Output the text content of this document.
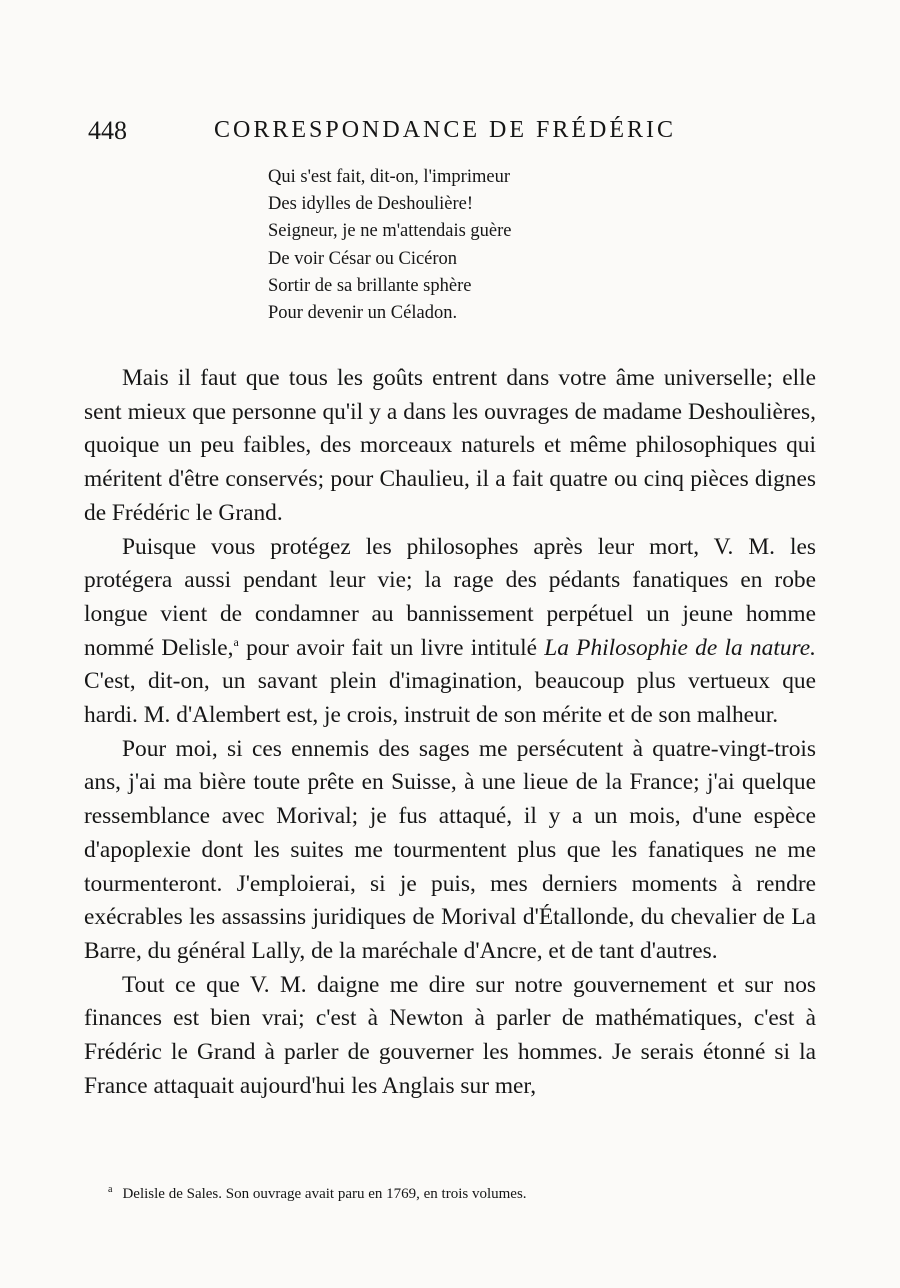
448	CORRESPONDANCE DE FRÉDÉRIC
Qui s'est fait, dit-on, l'imprimeur
Des idylles de Deshoulière!
Seigneur, je ne m'attendais guère
De voir César ou Cicéron
Sortir de sa brillante sphère
Pour devenir un Céladon.

Mais il faut que tous les goûts entrent dans votre âme universelle; elle sent mieux que personne qu'il y a dans les ouvrages de madame Deshoulières, quoique un peu faibles, des morceaux naturels et même philosophiques qui méritent d'être conservés; pour Chaulieu, il a fait quatre ou cinq pièces dignes de Frédéric le Grand.

Puisque vous protégez les philosophes après leur mort, V. M. les protégera aussi pendant leur vie; la rage des pédants fanatiques en robe longue vient de condamner au bannissement perpétuel un jeune homme nommé Delisle,$^a$ pour avoir fait un livre intitulé La Philosophie de la nature. C'est, dit-on, un savant plein d'imagination, beaucoup plus vertueux que hardi. M. d'Alembert est, je crois, instruit de son mérite et de son malheur.

Pour moi, si ces ennemis des sages me persécutent à quatre-vingt-trois ans, j'ai ma bière toute prête en Suisse, à une lieue de la France; j'ai quelque ressemblance avec Morival; je fus attaqué, il y a un mois, d'une espèce d'apoplexie dont les suites me tourmentent plus que les fanatiques ne me tourmenteront. J'emploierai, si je puis, mes derniers moments à rendre exécrables les assassins juridiques de Morival d'Étallonde, du chevalier de La Barre, du général Lally, de la maréchale d'Ancre, et de tant d'autres.

Tout ce que V. M. daigne me dire sur notre gouvernement et sur nos finances est bien vrai; c'est à Newton à parler de mathématiques, c'est à Frédéric le Grand à parler de gouverner les hommes. Je serais étonné si la France attaquait aujourd'hui les Anglais sur mer,

$^a$ Delisle de Sales. Son ouvrage avait paru en 1769, en trois volumes.
